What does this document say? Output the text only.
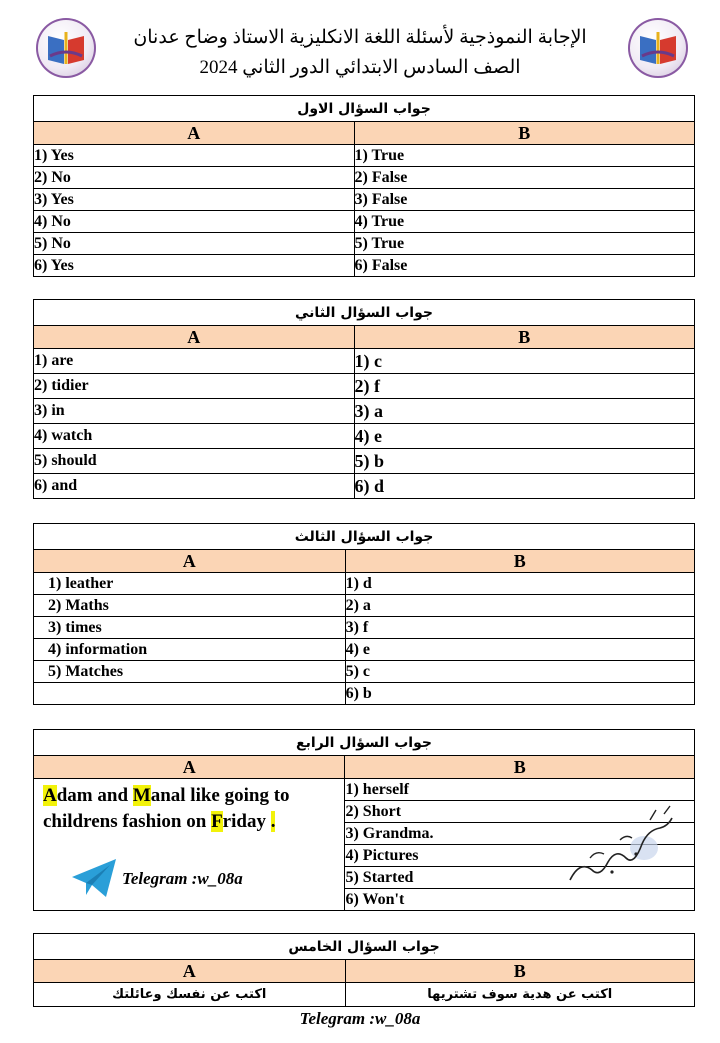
الإجابة النموذجية لأسئلة اللغة الانكليزية الاستاذ وضاح عدنان
الصف السادس الابتدائي الدور الثاني 2024
جواب السؤال الاول	
A	B
1) Yes	1) True
2) No	2) False
3) Yes	3) False
4) No	4) True
5) No	5) True
6) Yes	6) False
جواب السؤال الثاني	
A	B
1) are	1) c
2) tidier	2) f
3) in	3) a
4) watch	4) e
5) should	5) b
6) and	6) d
جواب السؤال الثالث	
A	B
1) leather	1) d
2) Maths	2) a
3) times	3) f
4) information	4) e
5) Matches	5) c
	6) b
جواب السؤال الرابع	
A	B

Adam and Manal like going to
childrens fashion on Friday .
Telegram :w_08a	1) herself
	2) Short
	3) Grandma.
	4) Pictures
	5) Started
	6) Won't
جواب السؤال الخامس	
A	B
اكتب عن نفسك وعائلتك	اكتب عن هدية سوف تشتريها
Telegram :w_08a
